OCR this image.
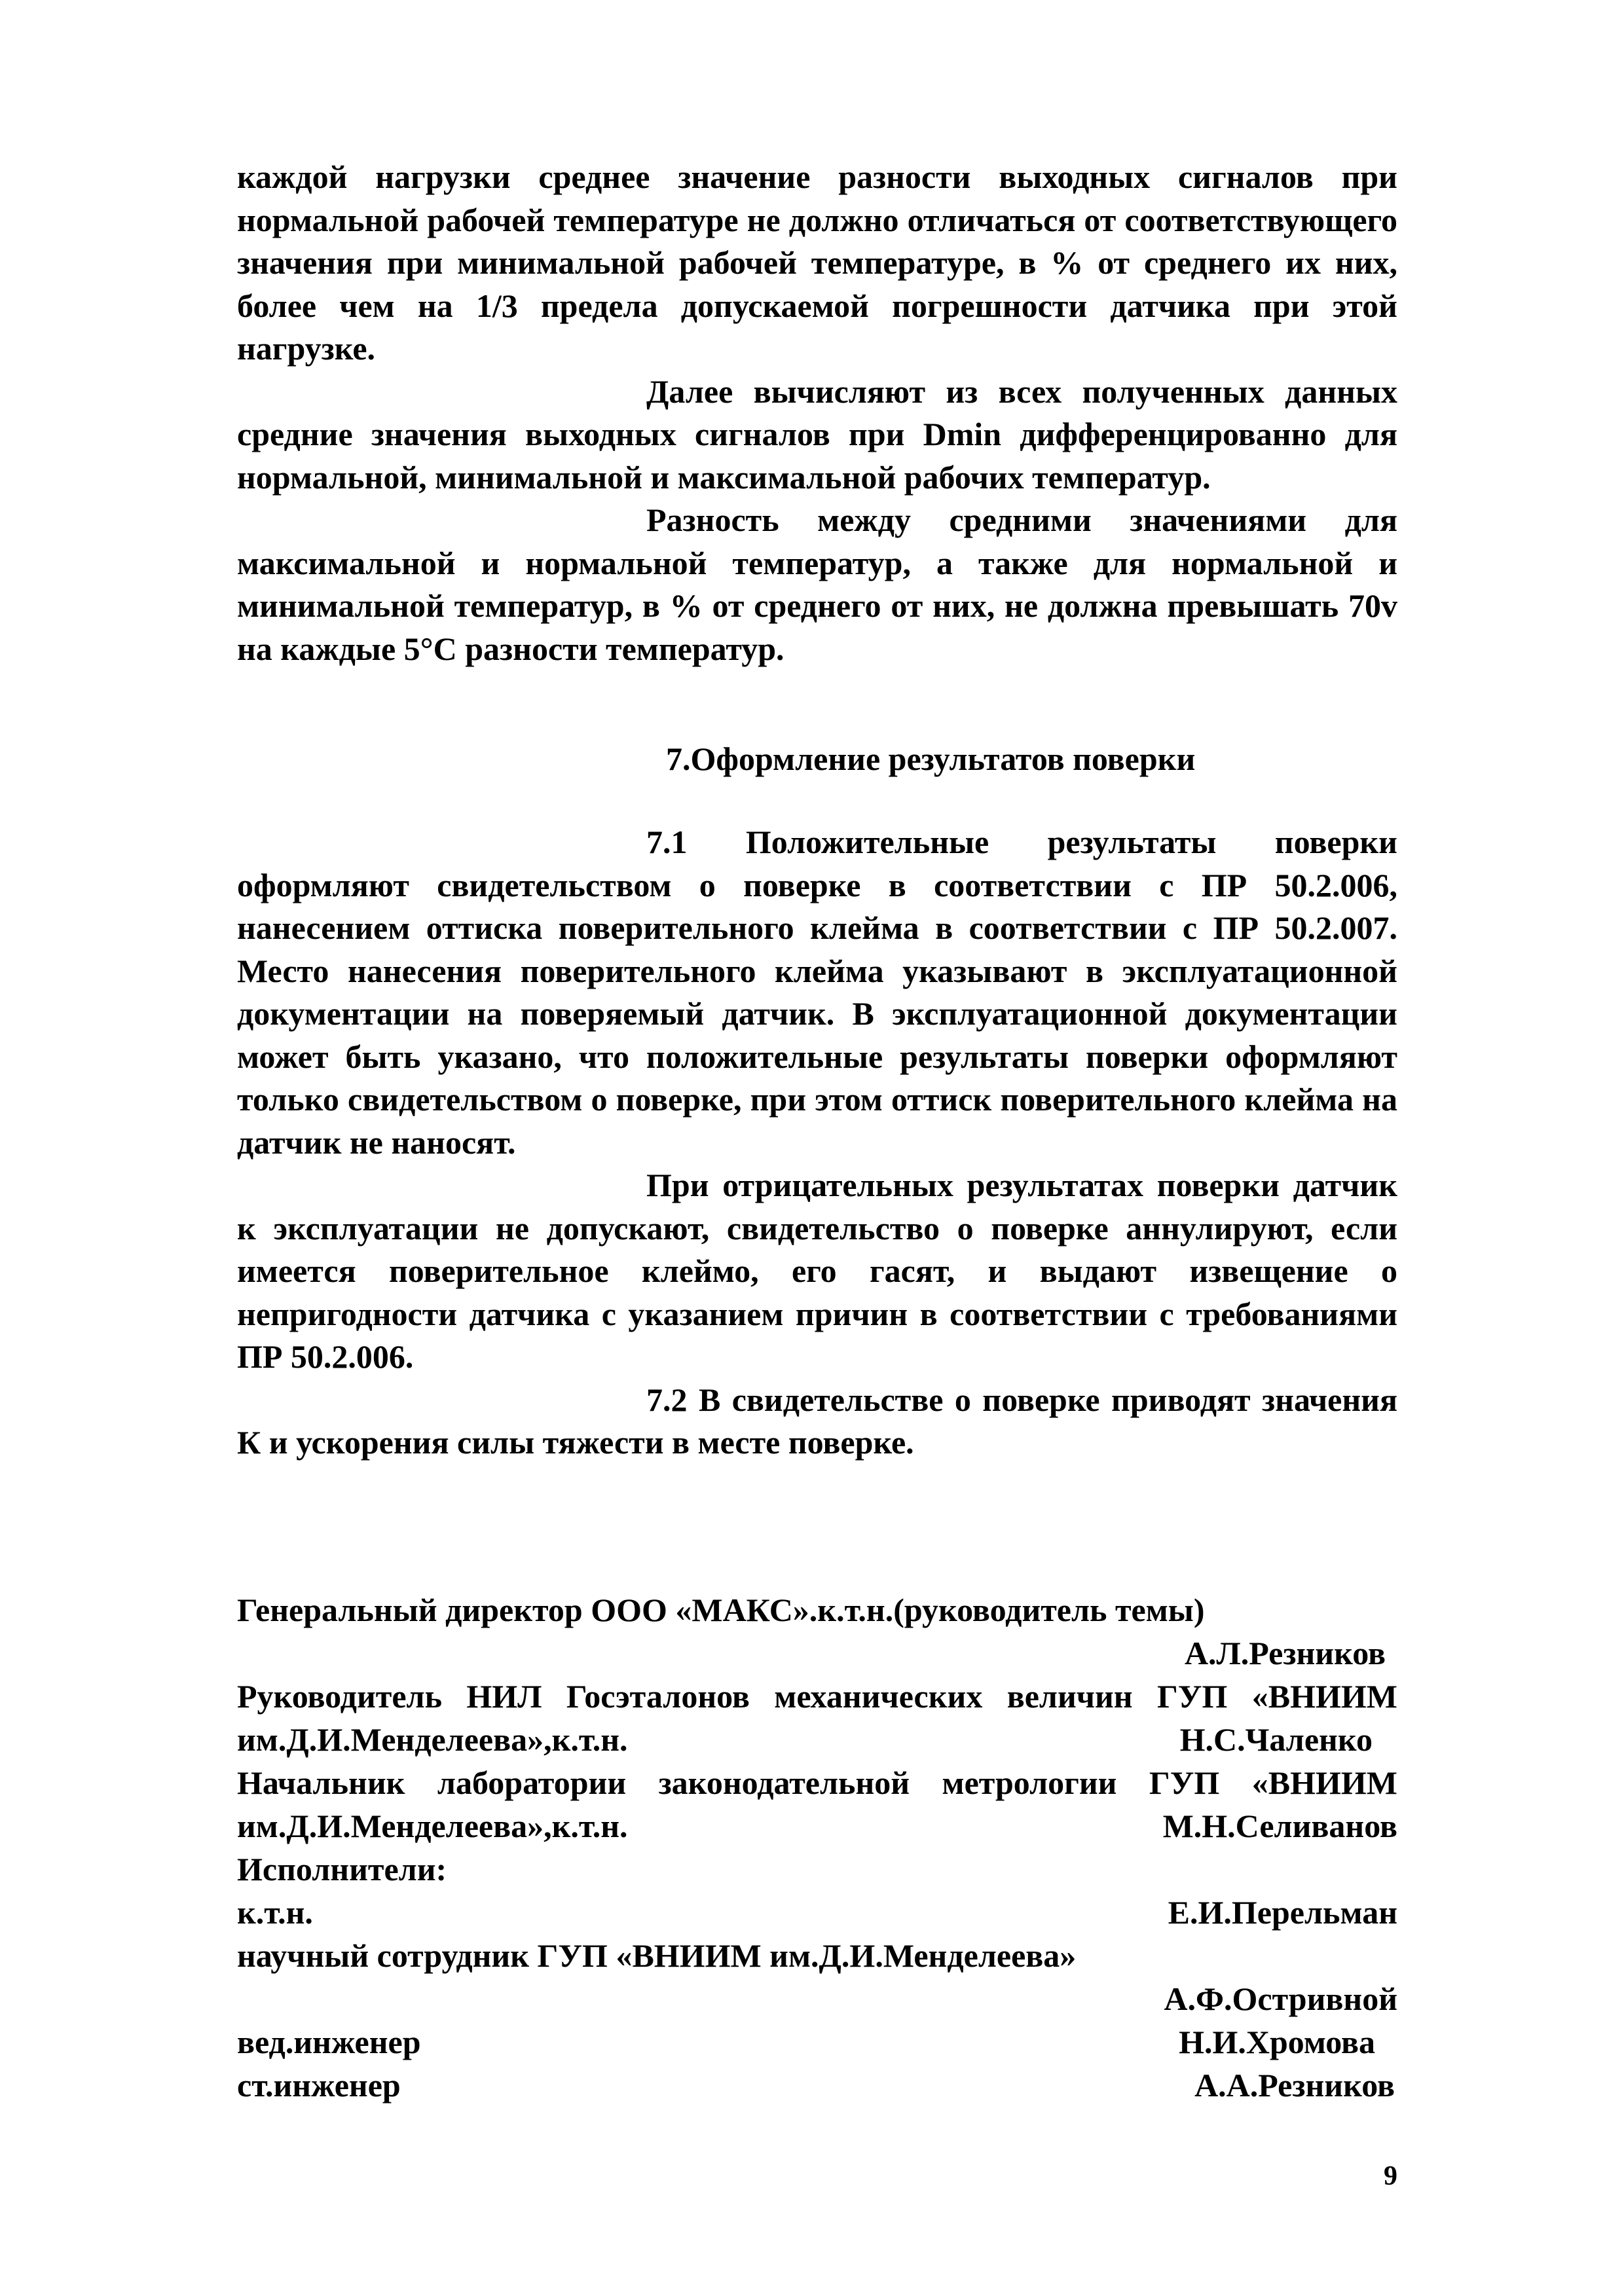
каждой нагрузки среднее значение разности выходных сигналов при нормальной рабочей температуре не должно отличаться от соответствующего значения при минимальной рабочей температуре, в % от среднего их них, более чем на 1/3 предела допускаемой погрешности датчика при этой нагрузке.

Далее вычисляют из всех полученных данных средние значения выходных сигналов при Dmin дифференцированно для нормальной, минимальной и максимальной рабочих температур.

Разность между средними значениями для максимальной и нормальной температур, а также для нормальной и минимальной температур, в % от среднего от них, не должна превышать 70v на каждые 5°С разности температур.

7.Оформление результатов поверки

7.1 Положительные результаты поверки оформляют свидетельством о поверке в соответствии с ПР 50.2.006, нанесением оттиска поверительного клейма в соответствии с ПР 50.2.007. Место нанесения поверительного клейма указывают в эксплуатационной документации на поверяемый датчик. В эксплуатационной документации может быть указано, что положительные результаты поверки оформляют только свидетельством о поверке, при этом оттиск поверительного клейма на датчик не наносят.

При отрицательных результатах поверки датчик к эксплуатации не допускают, свидетельство о поверке аннулируют, если имеется поверительное клеймо, его гасят, и выдают извещение о непригодности датчика с указанием причин в соответствии с требованиями ПР 50.2.006.

7.2 В свидетельстве о поверке приводят значения К и ускорения силы тяжести в месте поверке.

Генеральный директор ООО «МАКС».к.т.н.(руководитель темы)
А.Л.Резников
Руководитель НИЛ Госэталонов механических величин ГУП «ВНИИМ
им.Д.И.Менделеева»,к.т.н.	Н.С.Чаленко
Начальник лаборатории законодательной метрологии ГУП «ВНИИМ
им.Д.И.Менделеева»,к.т.н.	М.Н.Селиванов
Исполнители:
к.т.н.	Е.И.Перельман
научный сотрудник ГУП «ВНИИМ им.Д.И.Менделеева»
А.Ф.Остривной
вед.инженер	Н.И.Хромова
ст.инженер	А.А.Резников
9
